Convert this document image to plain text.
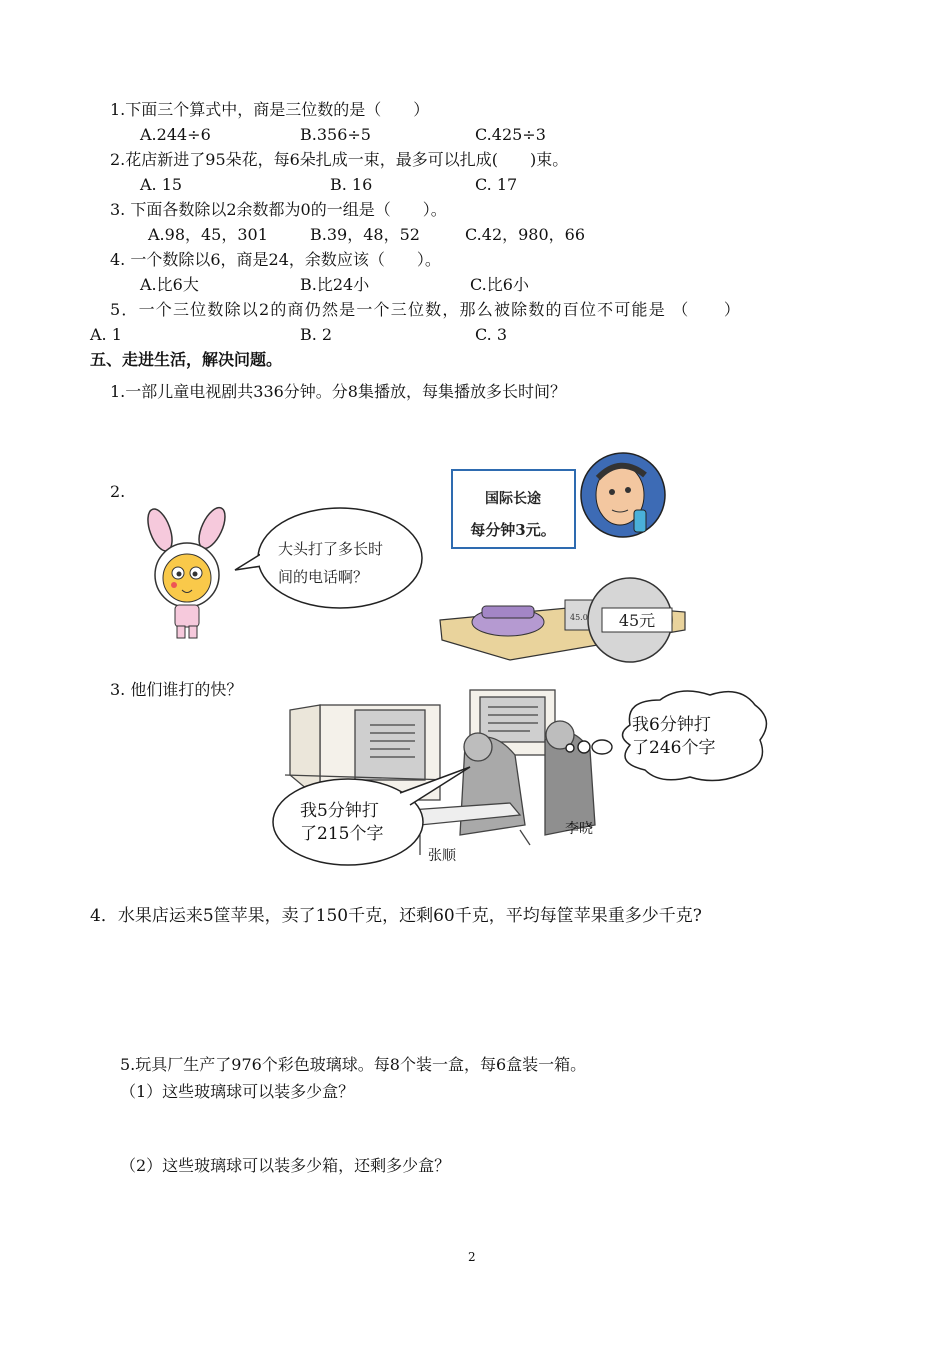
1.下面三个算式中，商是三位数的是（　　）
A.244÷6	B.356÷5	C.425÷3
2.花店新进了95朵花，每6朵扎成一束，最多可以扎成(　　)束。
A. 15	B. 16	C. 17
3. 下面各数除以2余数都为0的一组是（　　）。
A.98，45，301	B.39，48，52	C.42，980，66
4. 一个数除以6，商是24，余数应该（　　）。
A.比6大	B.比24小	C.比6小
5．一个三位数除以2的商仍然是一个三位数，那么被除数的百位不可能是 （　　）
A. 1	B. 2	C. 3
五、走进生活，解决问题。
1.一部儿童电视剧共336分钟。分8集播放，每集播放多长时间？
2.	国际长途
每分钟3元。
大头打了多长时
间的电话啊？
45.0 45元
3. 他们谁打的快？
我6分钟打
了246个字
我5分钟打
了215个字	李晓
张顺
4．水果店运来5筐苹果，卖了150千克，还剩60千克，平均每筐苹果重多少千克?
5.玩具厂生产了976个彩色玻璃球。每8个装一盒，每6盒装一箱。
（1）这些玻璃球可以装多少盒？
（2）这些玻璃球可以装多少箱，还剩多少盒？
2
